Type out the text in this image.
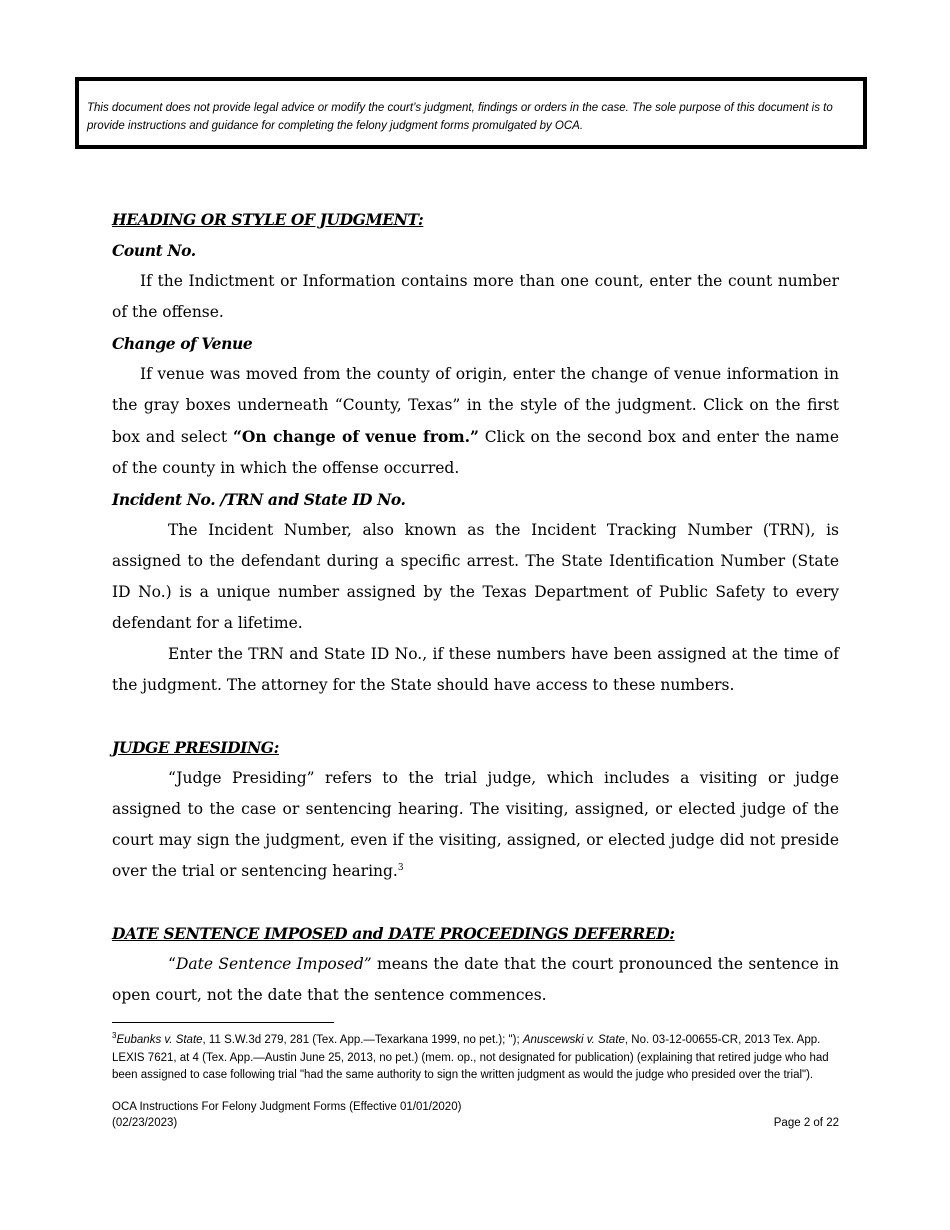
This document does not provide legal advice or modify the court’s judgment, findings or orders in the case. The sole purpose of this document is to provide instructions and guidance for completing the felony judgment forms promulgated by OCA.
HEADING OR STYLE OF JUDGMENT:
Count No.

If the Indictment or Information contains more than one count, enter the count number of the offense.

Change of Venue

If venue was moved from the county of origin, enter the change of venue information in the gray boxes underneath “County, Texas” in the style of the judgment. Click on the first box and select “On change of venue from.” Click on the second box and enter the name of the county in which the offense occurred.

Incident No. /TRN and State ID No.

The Incident Number, also known as the Incident Tracking Number (TRN), is assigned to the defendant during a specific arrest. The State Identification Number (State ID No.) is a unique number assigned by the Texas Department of Public Safety to every defendant for a lifetime.

Enter the TRN and State ID No., if these numbers have been assigned at the time of the judgment. The attorney for the State should have access to these numbers.

JUDGE PRESIDING:

“Judge Presiding” refers to the trial judge, which includes a visiting or judge assigned to the case or sentencing hearing. The visiting, assigned, or elected judge of the court may sign the judgment, even if the visiting, assigned, or elected judge did not preside over the trial or sentencing hearing.$^3$

DATE SENTENCE IMPOSED and DATE PROCEEDINGS DEFERRED:

“Date Sentence Imposed” means the date that the court pronounced the sentence in open court, not the date that the sentence commences.

$^3$Eubanks v. State, 11 S.W.3d 279, 281 (Tex. App.—Texarkana 1999, no pet.); "); Anuscewski v. State, No. 03-12-00655-CR, 2013 Tex. App. LEXIS 7621, at 4 (Tex. App.—Austin June 25, 2013, no pet.) (mem. op., not designated for publication) (explaining that retired judge who had been assigned to case following trial "had the same authority to sign the written judgment as would the judge who presided over the trial").
OCA Instructions For Felony Judgment Forms (Effective 01/01/2020)
(02/23/2023)	Page 2 of 22
